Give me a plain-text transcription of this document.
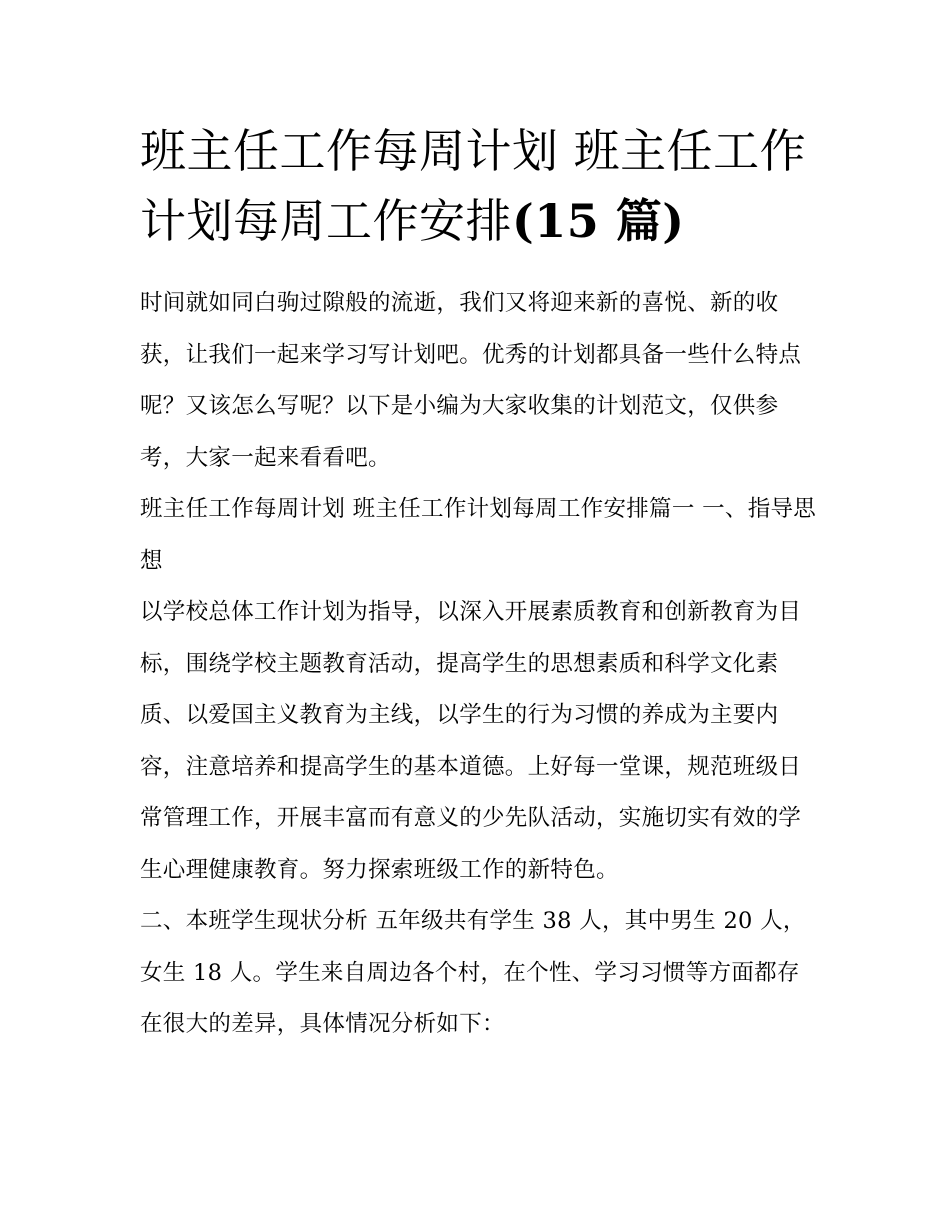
班主任工作每周计划 班主任工作计划每周工作安排(15 篇)

时间就如同白驹过隙般的流逝，我们又将迎来新的喜悦、新的收获，让我们一起来学习写计划吧。优秀的计划都具备一些什么特点呢？又该怎么写呢？以下是小编为大家收集的计划范文，仅供参考，大家一起来看看吧。

班主任工作每周计划 班主任工作计划每周工作安排篇一 一、指导思想

以学校总体工作计划为指导，以深入开展素质教育和创新教育为目标，围绕学校主题教育活动，提高学生的思想素质和科学文化素质、以爱国主义教育为主线，以学生的行为习惯的养成为主要内容，注意培养和提高学生的基本道德。上好每一堂课，规范班级日常管理工作，开展丰富而有意义的少先队活动，实施切实有效的学生心理健康教育。努力探索班级工作的新特色。

二、本班学生现状分析 五年级共有学生 38 人，其中男生 20 人，女生 18 人。学生来自周边各个村，在个性、学习习惯等方面都存在很大的差异，具体情况分析如下：
